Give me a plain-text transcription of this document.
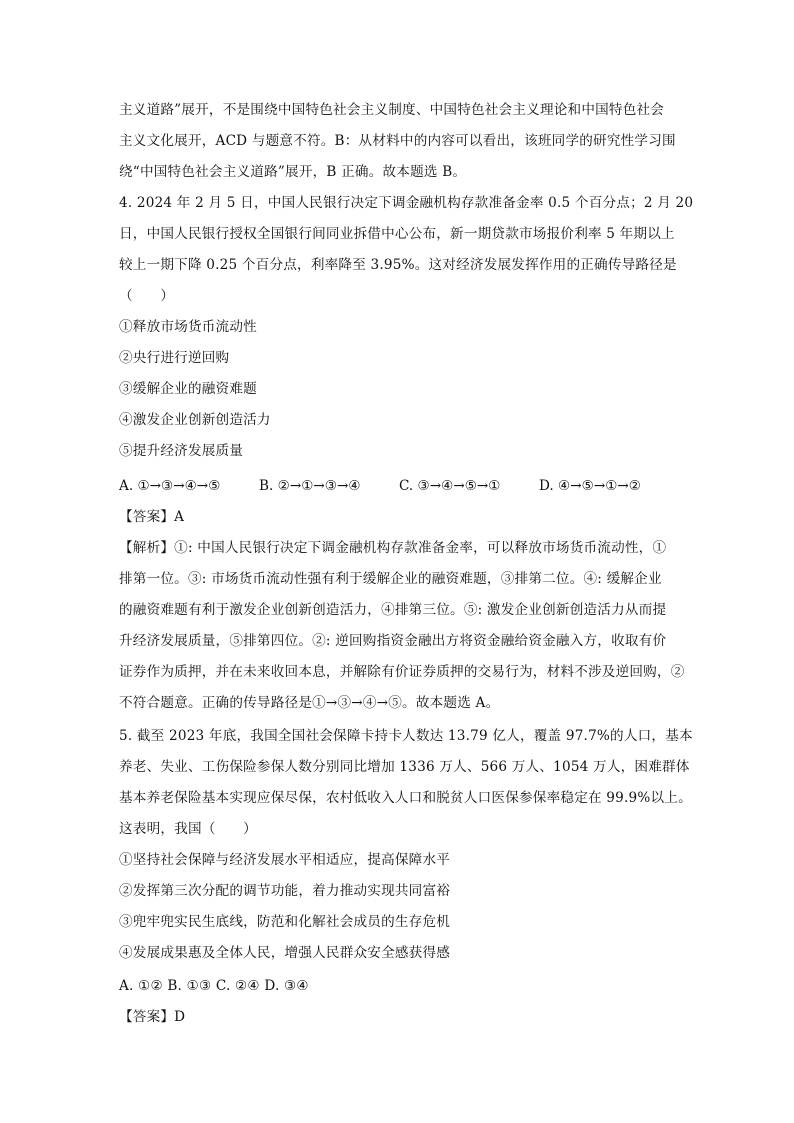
主义道路”展开，不是围绕中国特色社会主义制度、中国特色社会主义理论和中国特色社会
主义文化展开，ACD 与题意不符。B：从材料中的内容可以看出，该班同学的研究性学习围
绕“中国特色社会主义道路”展开，B 正确。故本题选 B。
4. 2024 年 2 月 5 日，中国人民银行决定下调金融机构存款准备金率 0.5 个百分点；2 月 20
日，中国人民银行授权全国银行间同业拆借中心公布，新一期贷款市场报价利率 5 年期以上
较上一期下降 0.25 个百分点，利率降至 3.95%。这对经济发展发挥作用的正确传导路径是
（　　）
①释放市场货币流动性
②央行进行逆回购
③缓解企业的融资难题
④激发企业创新创造活力
⑤提升经济发展质量
A. ①→③→④→⑤	B. ②→①→③→④	C. ③→④→⑤→①	D. ④→⑤→①→②
【答案】A
【解析】①: 中国人民银行决定下调金融机构存款准备金率，可以释放市场货币流动性，①
排第一位。③: 市场货币流动性强有利于缓解企业的融资难题，③排第二位。④: 缓解企业
的融资难题有利于激发企业创新创造活力，④排第三位。⑤: 激发企业创新创造活力从而提
升经济发展质量，⑤排第四位。②: 逆回购指资金融出方将资金融给资金融入方，收取有价
证券作为质押，并在未来收回本息，并解除有价证券质押的交易行为，材料不涉及逆回购，②
不符合题意。正确的传导路径是①→③→④→⑤。故本题选 A。
5. 截至 2023 年底，我国全国社会保障卡持卡人数达 13.79 亿人，覆盖 97.7%的人口，基本
养老、失业、工伤保险参保人数分别同比增加 1336 万人、566 万人、1054 万人，困难群体
基本养老保险基本实现应保尽保，农村低收入人口和脱贫人口医保参保率稳定在 99.9%以上。
这表明，我国（　　）
①坚持社会保障与经济发展水平相适应，提高保障水平
②发挥第三次分配的调节功能，着力推动实现共同富裕
③兜牢兜实民生底线，防范和化解社会成员的生存危机
④发展成果惠及全体人民，增强人民群众安全感获得感
A. ①② B. ①③ C. ②④ D. ③④
【答案】D
